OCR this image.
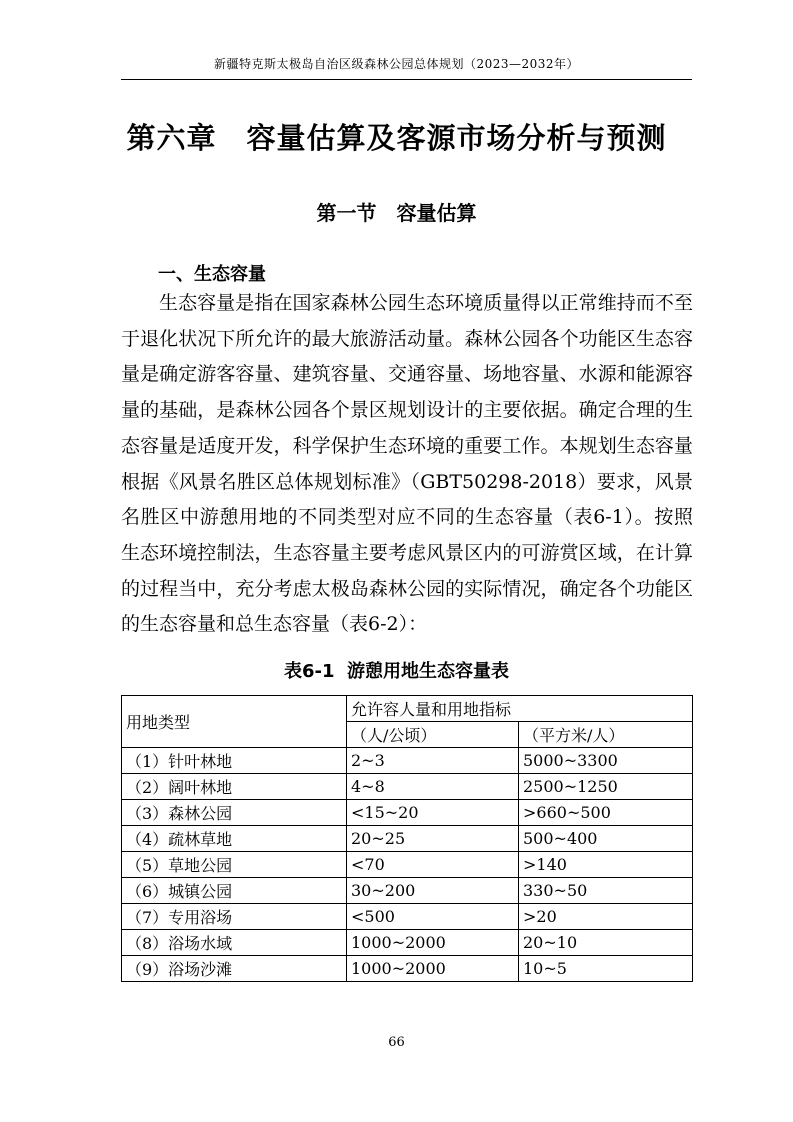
新疆特克斯太极岛自治区级森林公园总体规划（2023—2032年）
第六章　容量估算及客源市场分析与预测
第一节　容量估算
一、生态容量

生态容量是指在国家森林公园生态环境质量得以正常维持而不至于退化状况下所允许的最大旅游活动量。森林公园各个功能区生态容量是确定游客容量、建筑容量、交通容量、场地容量、水源和能源容量的基础，是森林公园各个景区规划设计的主要依据。确定合理的生态容量是适度开发，科学保护生态环境的重要工作。本规划生态容量根据《风景名胜区总体规划标准》（GBT50298-2018）要求，风景名胜区中游憩用地的不同类型对应不同的生态容量（表6-1）。按照生态环境控制法，生态容量主要考虑风景区内的可游赏区域，在计算的过程当中，充分考虑太极岛森林公园的实际情况，确定各个功能区的生态容量和总生态容量（表6-2）：

表6-1  游憩用地生态容量表
用地类型	允许容人量和用地指标	
	（人/公顷）	（平方米/人）
（1）针叶林地	2~3	5000~3300
（2）阔叶林地	4~8	2500~1250
（3）森林公园	<15~20	>660~500
（4）疏林草地	20~25	500~400
（5）草地公园	<70	>140
（6）城镇公园	30~200	330~50
（7）专用浴场	<500	>20
（8）浴场水域	1000~2000	20~10
（9）浴场沙滩	1000~2000	10~5
66
